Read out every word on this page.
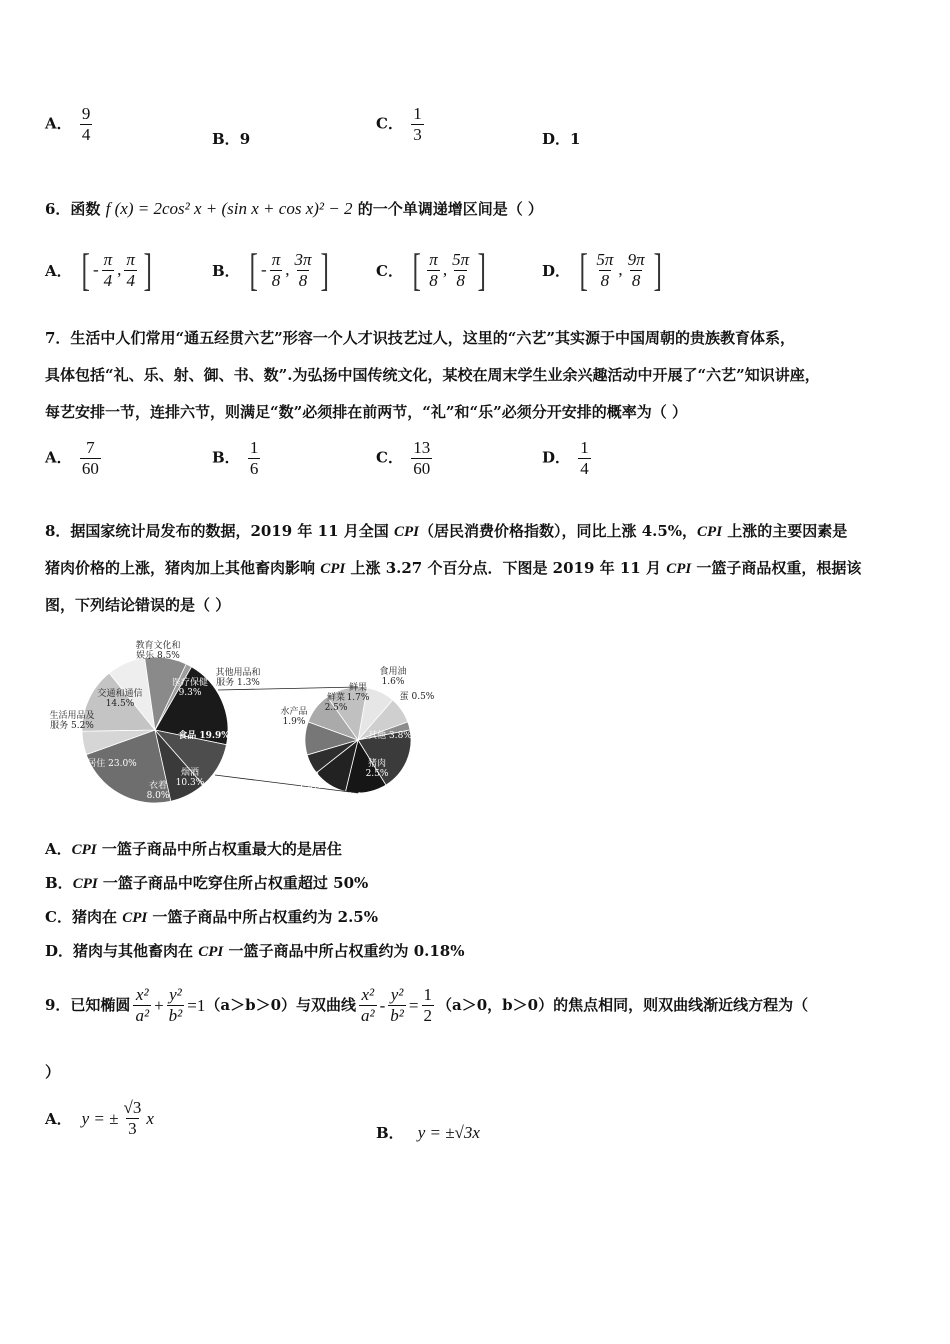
A． $\frac{9}{4}$	B．9
C． $\frac{1}{3}$	D．1
6．函数 f (x) = 2cos² x + (sin x + cos x)² − 2 的一个单调递增区间是（ ）
A． [ - $\frac{\pi}{4}$ , $\frac{\pi}{4}$ ]	B． [ - $\frac{\pi}{8}$ , $\frac{3\pi}{8}$ ]	C． [ $\frac{\pi}{8}$ , $\frac{5\pi}{8}$ ]	D． [ $\frac{5\pi}{8}$ , $\frac{9\pi}{8}$ ]
7．生活中人们常用“通五经贯六艺”形容一个人才识技艺过人，这里的“六艺”其实源于中国周朝的贵族教育体系，
具体包括“礼、乐、射、御、书、数”.为弘扬中国传统文化，某校在周末学生业余兴趣活动中开展了“六艺”知识讲座，
每艺安排一节，连排六节，则满足“数”必须排在前两节，“礼”和“乐”必须分开安排的概率为（ ）
A． $\frac{7}{60}$	B． $\frac{1}{6}$	C． $\frac{13}{60}$	D． $\frac{1}{4}$
8．据国家统计局发布的数据，2019 年 11 月全国 CPI（居民消费价格指数），同比上涨 4.5%，CPI 上涨的主要因素是
猪肉价格的上涨，猪肉加上其他畜肉影响 CPI 上涨 3.27 个百分点．下图是 2019 年 11 月 CPI 一篮子商品权重，根据该
图，下列结论错误的是（ ）
食品 19.9%
烟酒
10.3%
衣着
8.0%
居住 23.0%
生活用品及
服务 5.2%
交通和通信
14.5%
教育文化和
娱乐 8.5%
医疗保健
9.3%
其他用品和
服务 1.3%	鲜果
1.7%
食用油
1.6%
蛋 0.5%
其他 3.8%
猪肉
2.5%
其他畜肉
2.1%
禽肉
1.2%
粮食
2.0%
水产品
1.9%
鲜菜
2.5%
A．CPI 一篮子商品中所占权重最大的是居住
B．CPI 一篮子商品中吃穿住所占权重超过 50%
C．猪肉在 CPI 一篮子商品中所占权重约为 2.5%
D．猪肉与其他畜肉在 CPI 一篮子商品中所占权重约为 0.18%
9．已知椭圆 $\frac{\text{x²}}{\text{a²}} + \frac{\text{y²}}{\text{b²}} = 1$ （a＞b＞0）与双曲线 $\frac{\text{x²}}{\text{a²}} - \frac{\text{y²}}{\text{b²}} = \frac{1}{2} (a>0$，b＞0）的焦点相同，则双曲线渐近线方程为（
）
A． y = ± $\frac{√3}{3}$ x
B． y = ±√3x
